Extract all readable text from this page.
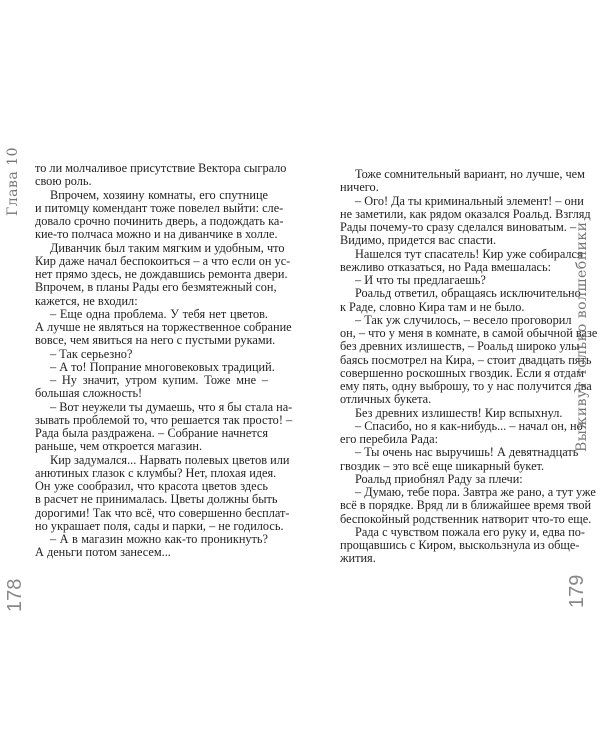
Глава 10 то ли молчаливое присутствие Вектора сыграло
свою роль.
Впрочем, хозяину комнаты, его спутнице
и питомцу комендант тоже повелел выйти: сле-
довало срочно починить дверь, а подождать ка-
кие-то полчаса можно и на диванчике в холле.
Диванчик был таким мягким и удобным, что
Кир даже начал беспокоиться – а что если он ус-
нет прямо здесь, не дождавшись ремонта двери.
Впрочем, в планы Рады его безмятежный сон,
кажется, не входил:
– Еще одна проблема. У тебя нет цветов.
А лучше не являться на торжественное собрание
вовсе, чем явиться на него с пустыми руками.
– Так серьезно?
– А то! Попрание многовековых традиций.
– Ну значит, утром купим. Тоже мне –
большая сложность!
– Вот неужели ты думаешь, что я бы стала на-
зывать проблемой то, что решается так просто! –
Рада была раздражена. – Собрание начнется
раньше, чем откроется магазин.
Кир задумался... Нарвать полевых цветов или
анютиных глазок с клумбы? Нет, плохая идея.
Он уже сообразил, что красота цветов здесь
в расчет не принималась. Цветы должны быть
дорогими! Так что всё, что совершенно бесплат-
но украшает поля, сады и парки, – не годилось.
– А в магазин можно как-то проникнуть?
А деньги потом занесем...
178
Тоже сомнительный вариант, но лучше, чем
ничего.
– Ого! Да ты криминальный элемент! – они
не заметили, как рядом оказался Роальд. Взгляд
Рады почему-то сразу сделался виноватым. –
Видимо, придется вас спасти.
Нашелся тут спасатель! Кир уже собирался
вежливо отказаться, но Рада вмешалась:
– И что ты предлагаешь?
Роальд ответил, обращаясь исключительно
к Раде, словно Кира там и не было.
– Так уж случилось, – весело проговорил
он, – что у меня в комнате, в самой обычной вазе
без древних излишеств, – Роальд широко улы-
баясь посмотрел на Кира, – стоит двадцать пять
совершенно роскошных гвоздик. Если я отдам
ему пять, одну выброшу, то у нас получится два
отличных букета.
Без древних излишеств! Кир вспыхнул.
– Спасибо, но я как-нибудь... – начал он, но
его перебила Рада:
– Ты очень нас выручишь! А девятнадцать
гвоздик – это всё еще шикарный букет.
Роальд приобнял Раду за плечи:
– Думаю, тебе пора. Завтра же рано, а тут уже
всё в порядке. Вряд ли в ближайшее время твой
беспокойный родственник натворит что-то еще.
Рада с чувством пожала его руку и, едва по-
прощавшись с Киром, выскользнула из обще-
жития.
Выживут только волшебники
179
